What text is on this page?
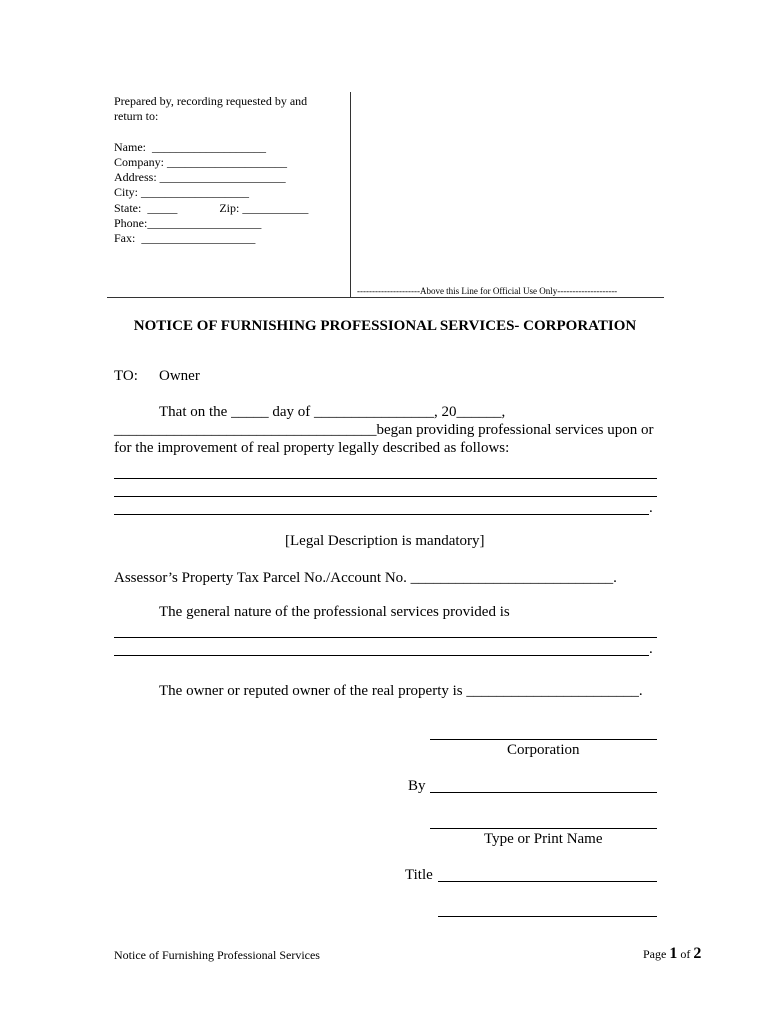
Prepared by, recording requested by and
return to:
Name:  ___________________
Company: ____________________
Address: _____________________
City: __________________
State:  _____              Zip: ___________
Phone:___________________
Fax:  ___________________
---------------------Above this Line for Official Use Only--------------------
NOTICE OF FURNISHING PROFESSIONAL SERVICES- CORPORATION
TO: Owner
That on the _____ day of ________________, 20______,
___________________________________began providing professional services upon or
for the improvement of real property legally described as follows:
.
[Legal Description is mandatory]
Assessor’s Property Tax Parcel No./Account No. ___________________________.
The general nature of the professional services provided is
.
The owner or reputed owner of the real property is _______________________.
Corporation
By
Type or Print Name
Title
Notice of Furnishing Professional Services	Page 1 of 2
